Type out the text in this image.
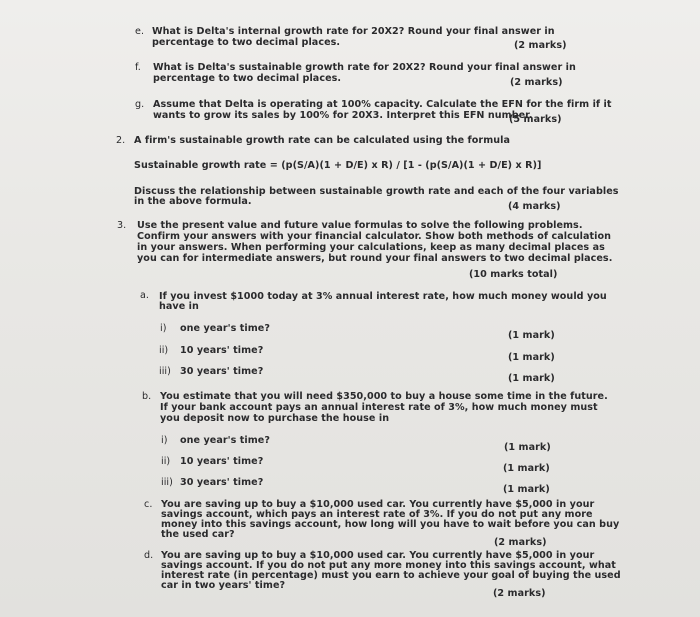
e. What is Delta's internal growth rate for 20X2? Round your final answer in

percentage to two decimal places.	(2 marks)

f. What is Delta's sustainable growth rate for 20X2? Round your final answer in

percentage to two decimal places.	(2 marks)

g. Assume that Delta is operating at 100% capacity. Calculate the EFN for the firm if it

wants to grow its sales by 100% for 20X3. Interpret this EFN number.

(5 marks)

2. A firm's sustainable growth rate can be calculated using the formula

Sustainable growth rate = (p(S/A)(1 + D/E) x R) / [1 - (p(S/A)(1 + D/E) x R)]

Discuss the relationship between sustainable growth rate and each of the four variables

in the above formula.	(4 marks)

3. Use the present value and future value formulas to solve the following problems.

Confirm your answers with your financial calculator. Show both methods of calculation

in your answers. When performing your calculations, keep as many decimal places as

you can for intermediate answers, but round your final answers to two decimal places.

(10 marks total)

a. If you invest $1000 today at 3% annual interest rate, how much money would you

have in

i) one year's time?

(1 mark)

ii) 10 years' time?

(1 mark)

iii) 30 years' time?

(1 mark)

b. You estimate that you will need $350,000 to buy a house some time in the future.

If your bank account pays an annual interest rate of 3%, how much money must

you deposit now to purchase the house in

i) one year's time?

(1 mark)

ii) 10 years' time?

(1 mark)

iii) 30 years' time?

(1 mark)

c. You are saving up to buy a $10,000 used car. You currently have $5,000 in your

savings account, which pays an interest rate of 3%. If you do not put any more

money into this savings account, how long will you have to wait before you can buy

the used car?

(2 marks)

d. You are saving up to buy a $10,000 used car. You currently have $5,000 in your

savings account. If you do not put any more money into this savings account, what

interest rate (in percentage) must you earn to achieve your goal of buying the used

car in two years' time?

(2 marks)
